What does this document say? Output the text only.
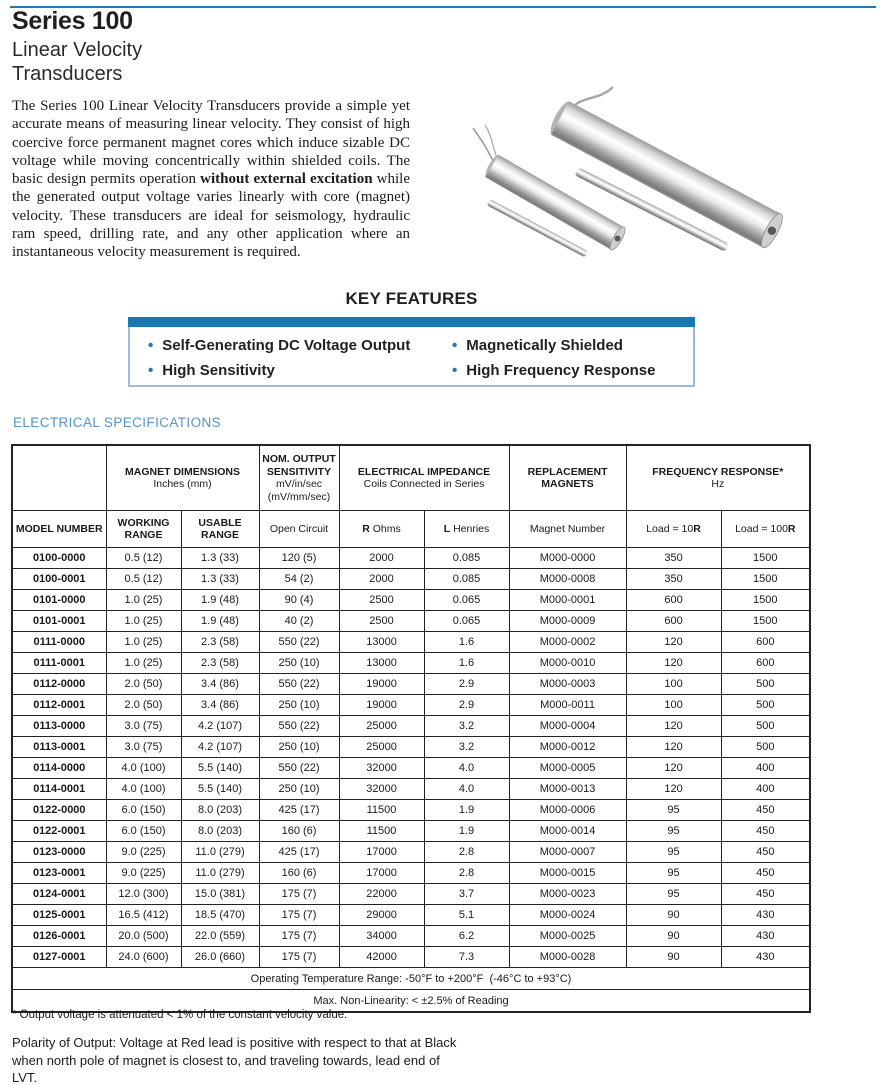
Series 100
Linear Velocity
Transducers

The Series 100 Linear Velocity Transducers provide a simple yet accurate means of measuring linear velocity. They consist of high coercive force permanent magnet cores which induce sizable DC voltage while moving concentrically within shielded coils. The basic design permits operation without external excitation while the generated output voltage varies linearly with core (magnet) velocity. These transducers are ideal for seismology, hydraulic ram speed, drilling rate, and any other application where an instantaneous velocity measurement is required.

KEY FEATURES
• Self-Generating DC Voltage Output
• High Sensitivity
• Magnetically Shielded
• High Frequency Response
ELECTRICAL SPECIFICATIONS

MAGNET DIMENSIONS
Inches (mm)

NOM. OUTPUT SENSITIVITY
mV/in/sec (mV/mm/sec)

ELECTRICAL IMPEDANCE
Coils Connected in Series

REPLACEMENT MAGNETS

FREQUENCY RESPONSE*
Hz

MODEL NUMBER	WORKING RANGE	USABLE RANGE	Open Circuit	R Ohms	L Henries	Magnet Number	Load = 10R	Load = 100R
0100-0000	0.5 (12)	1.3 (33)	120 (5)	2000	0.085	M000-0000	350	1500
0100-0001	0.5 (12)	1.3 (33)	54 (2)	2000	0.085	M000-0008	350	1500
0101-0000	1.0 (25)	1.9 (48)	90 (4)	2500	0.065	M000-0001	600	1500
0101-0001	1.0 (25)	1.9 (48)	40 (2)	2500	0.065	M000-0009	600	1500
0111-0000	1.0 (25)	2.3 (58)	550 (22)	13000	1.6	M000-0002	120	600
0111-0001	1.0 (25)	2.3 (58)	250 (10)	13000	1.6	M000-0010	120	600
0112-0000	2.0 (50)	3.4 (86)	550 (22)	19000	2.9	M000-0003	100	500
0112-0001	2.0 (50)	3.4 (86)	250 (10)	19000	2.9	M000-0011	100	500
0113-0000	3.0 (75)	4.2 (107)	550 (22)	25000	3.2	M000-0004	120	500
0113-0001	3.0 (75)	4.2 (107)	250 (10)	25000	3.2	M000-0012	120	500
0114-0000	4.0 (100)	5.5 (140)	550 (22)	32000	4.0	M000-0005	120	400
0114-0001	4.0 (100)	5.5 (140)	250 (10)	32000	4.0	M000-0013	120	400
0122-0000	6.0 (150)	8.0 (203)	425 (17)	11500	1.9	M000-0006	95	450
0122-0001	6.0 (150)	8.0 (203)	160 (6)	11500	1.9	M000-0014	95	450
0123-0000	9.0 (225)	11.0 (279)	425 (17)	17000	2.8	M000-0007	95	450
0123-0001	9.0 (225)	11.0 (279)	160 (6)	17000	2.8	M000-0015	95	450
0124-0001	12.0 (300)	15.0 (381)	175 (7)	22000	3.7	M000-0023	95	450
0125-0001	16.5 (412)	18.5 (470)	175 (7)	29000	5.1	M000-0024	90	430
0126-0001	20.0 (500)	22.0 (559)	175 (7)	34000	6.2	M000-0025	90	430
0127-0001	24.0 (600)	26.0 (660)	175 (7)	42000	7.3	M000-0028	90	430
Operating Temperature Range: -50°F to +200°F  (-46°C to +93°C)								
Max. Non-Linearity: < ±2.5% of Reading								
* Output voltage is attenuated < 1% of the constant velocity value.
Polarity of Output: Voltage at Red lead is positive with respect to that at Black when north pole of magnet is closest to, and traveling towards, lead end of LVT.
